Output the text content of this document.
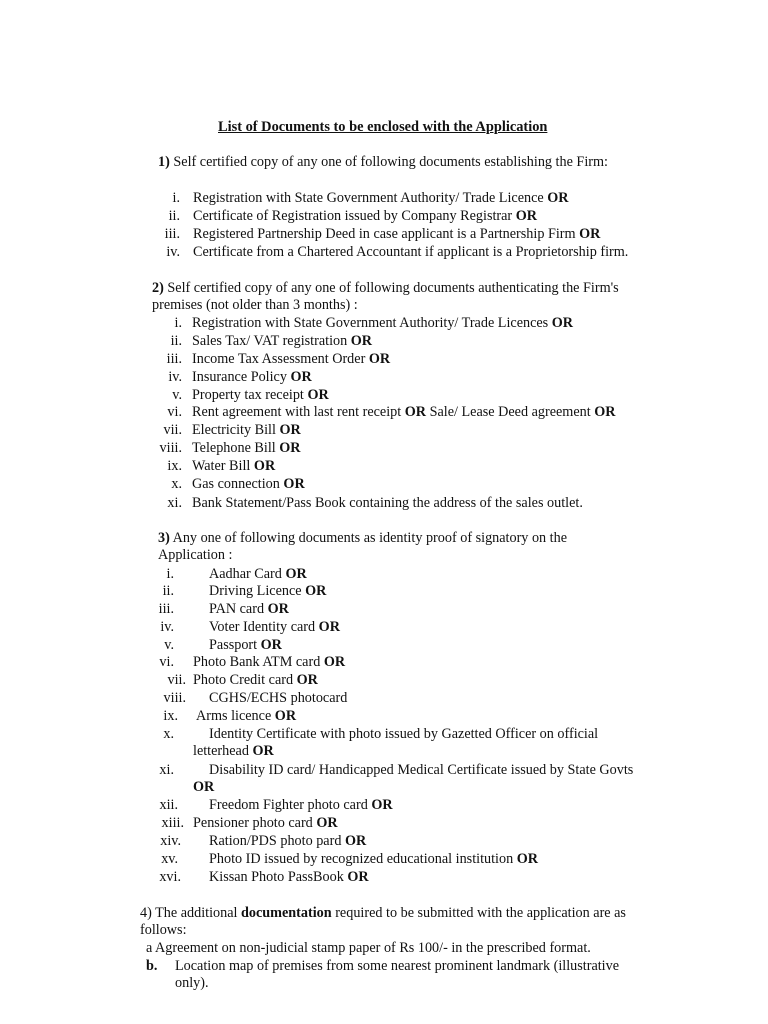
List of Documents to be enclosed with the Application
1) Self certified copy of any one of following documents establishing the Firm:
i. Registration with State Government Authority/ Trade Licence OR
ii. Certificate of Registration issued by Company Registrar OR
iii. Registered Partnership Deed in case applicant is a Partnership Firm OR
iv. Certificate from a Chartered Accountant if applicant is a Proprietorship firm.
2) Self certified copy of any one of following documents authenticating the Firm's
premises (not older than 3 months) :
i. Registration with State Government Authority/ Trade Licences OR
ii. Sales Tax/ VAT registration OR
iii. Income Tax Assessment Order OR
iv. Insurance Policy OR
v. Property tax receipt OR
vi. Rent agreement with last rent receipt OR Sale/ Lease Deed agreement OR
vii. Electricity Bill OR
viii. Telephone Bill OR
ix. Water Bill OR
x. Gas connection OR
xi. Bank Statement/Pass Book containing the address of the sales outlet.
3) Any one of following documents as identity proof of signatory on the
Application :
i. Aadhar Card OR
ii. Driving Licence OR
iii. PAN card OR
iv. Voter Identity card OR
v. Passport OR
vi. Photo Bank ATM card OR
vii. Photo Credit card OR
viii. CGHS/ECHS photocard
ix. Arms licence OR
x. Identity Certificate with photo issued by Gazetted Officer on official
letterhead OR
xi. Disability ID card/ Handicapped Medical Certificate issued by State Govts
OR
xii. Freedom Fighter photo card OR
xiii. Pensioner photo card OR
xiv. Ration/PDS photo pard OR
xv. Photo ID issued by recognized educational institution OR
xvi. Kissan Photo PassBook OR
4) The additional documentation required to be submitted with the application are as
follows:
a Agreement on non-judicial stamp paper of Rs 100/- in the prescribed format.
b. Location map of premises from some nearest prominent landmark (illustrative
only).
